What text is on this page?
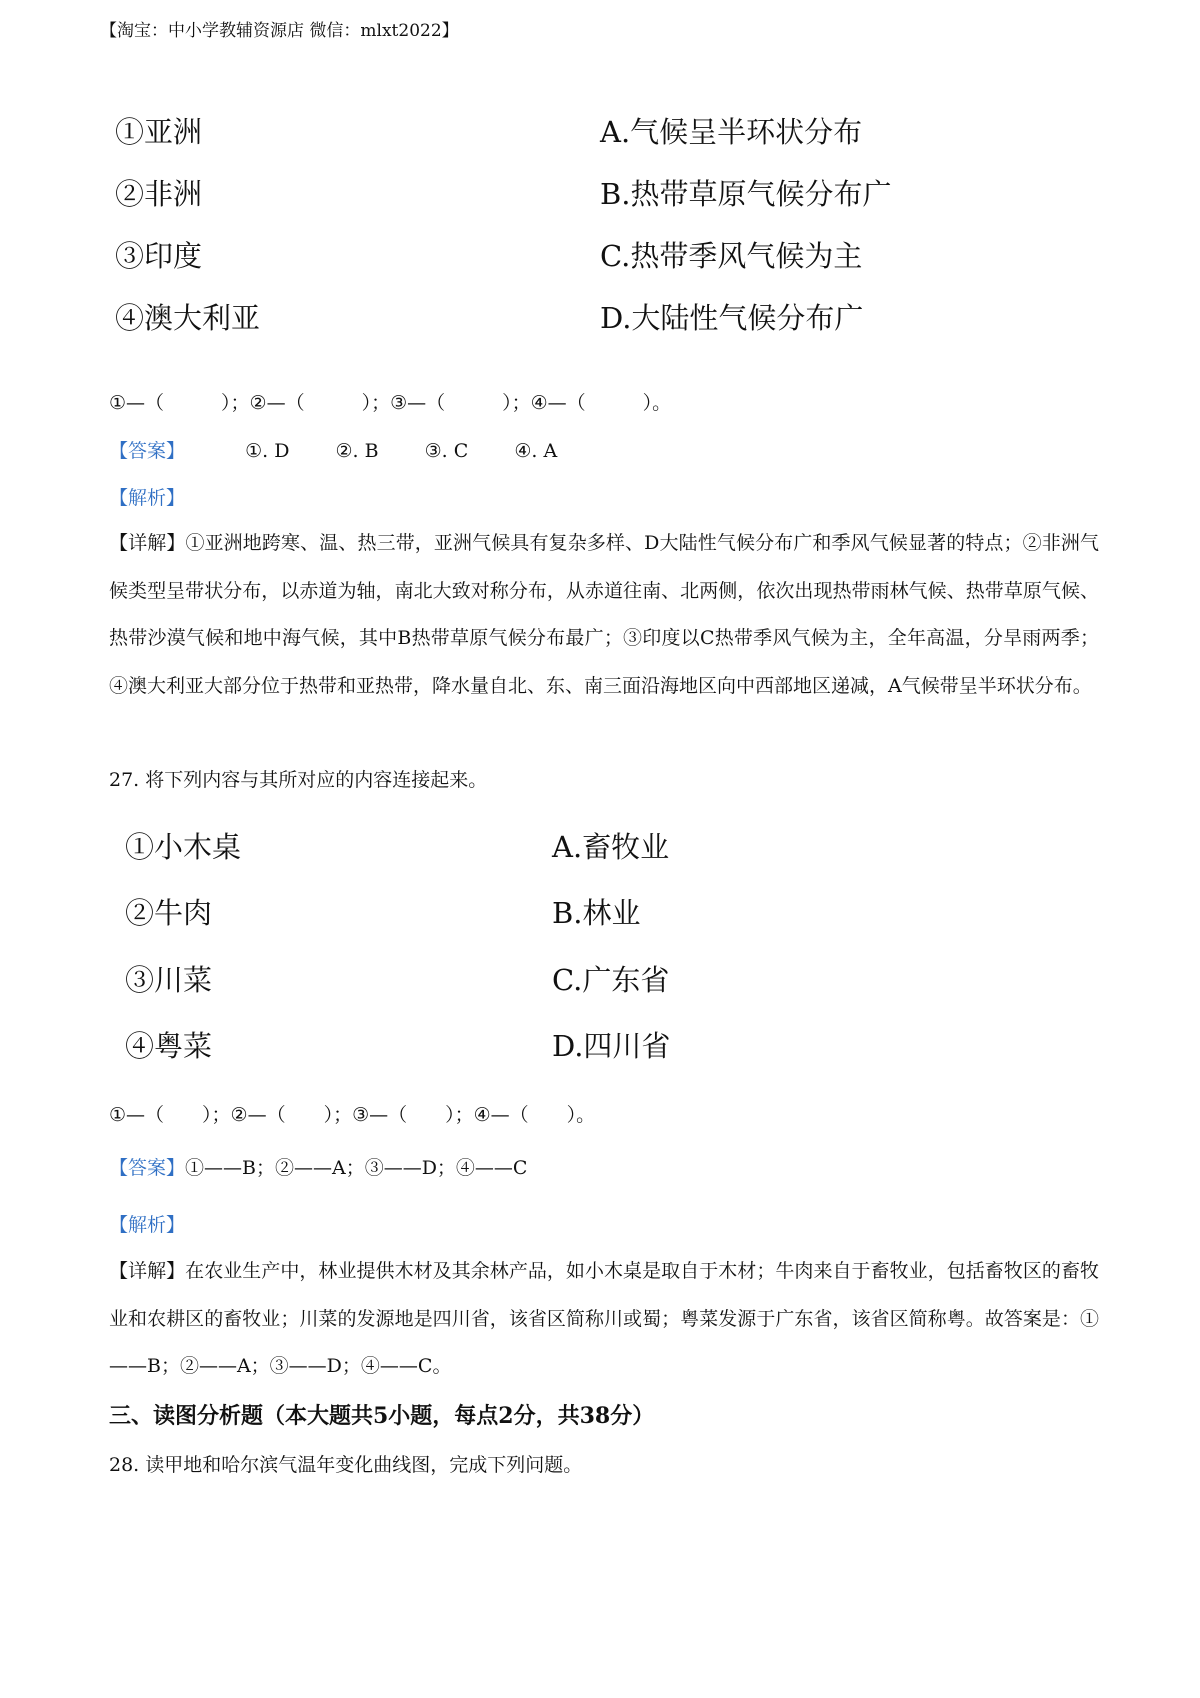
【淘宝：中小学教辅资源店 微信：mlxt2022】
①亚洲
②非洲
③印度
④澳大利亚
A.气候呈半环状分布
B.热带草原气候分布广
C.热带季风气候为主
D.大陆性气候分布广
①—（　　　）；②—（　　　）；③—（　　　）；④—（　　　）。
【答案】	①. D ②. B ③. C ④. A
【解析】
【详解】①亚洲地跨寒、温、热三带，亚洲气候具有复杂多样、D大陆性气候分布广和季风气候显著的特点；②非洲气候类型呈带状分布，以赤道为轴，南北大致对称分布，从赤道往南、北两侧，依次出现热带雨林气候、热带草原气候、热带沙漠气候和地中海气候，其中B热带草原气候分布最广；③印度以C热带季风气候为主，全年高温，分旱雨两季；④澳大利亚大部分位于热带和亚热带，降水量自北、东、南三面沿海地区向中西部地区递减，A气候带呈半环状分布。
27. 将下列内容与其所对应的内容连接起来。
①小木桌
②牛肉
③川菜
④粤菜
A.畜牧业
B.林业
C.广东省
D.四川省
①—（　　）；②—（　　）；③—（　　）；④—（　　）。
【答案】①——B；②——A；③——D；④——C
【解析】
【详解】在农业生产中，林业提供木材及其余林产品，如小木桌是取自于木材；牛肉来自于畜牧业，包括畜牧区的畜牧业和农耕区的畜牧业；川菜的发源地是四川省，该省区简称川或蜀；粤菜发源于广东省，该省区简称粤。故答案是：①——B；②——A；③——D；④——C。
三、读图分析题（本大题共5小题，每点2分，共38分）
28. 读甲地和哈尔滨气温年变化曲线图，完成下列问题。
